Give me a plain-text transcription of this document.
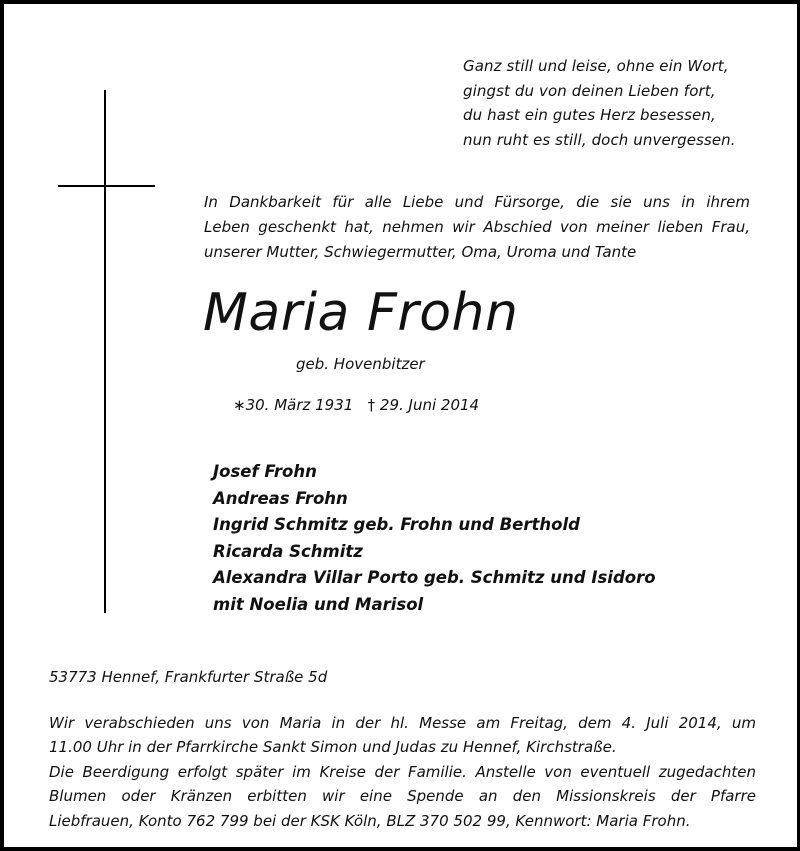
Ganz still und leise, ohne ein Wort,
gingst du von deinen Lieben fort,
du hast ein gutes Herz besessen,
nun ruht es still, doch unvergessen.
In Dankbarkeit für alle Liebe und Fürsorge, die sie uns in ihrem
Leben geschenkt hat, nehmen wir Abschied von meiner lieben Frau,
unserer Mutter, Schwiegermutter, Oma, Uroma und Tante
Maria Frohn
geb. Hovenbitzer
∗30. März 1931 † 29. Juni 2014
Josef Frohn
Andreas Frohn
Ingrid Schmitz geb. Frohn und Berthold
Ricarda Schmitz
Alexandra Villar Porto geb. Schmitz und Isidoro
mit Noelia und Marisol
53773 Hennef, Frankfurter Straße 5d
Wir verabschieden uns von Maria in der hl. Messe am Freitag, dem 4. Juli 2014, um
11.00 Uhr in der Pfarrkirche Sankt Simon und Judas zu Hennef, Kirchstraße.
Die Beerdigung erfolgt später im Kreise der Familie. Anstelle von eventuell zugedachten
Blumen oder Kränzen erbitten wir eine Spende an den Missionskreis der Pfarre
Liebfrauen, Konto 762 799 bei der KSK Köln, BLZ 370 502 99, Kennwort: Maria Frohn.
